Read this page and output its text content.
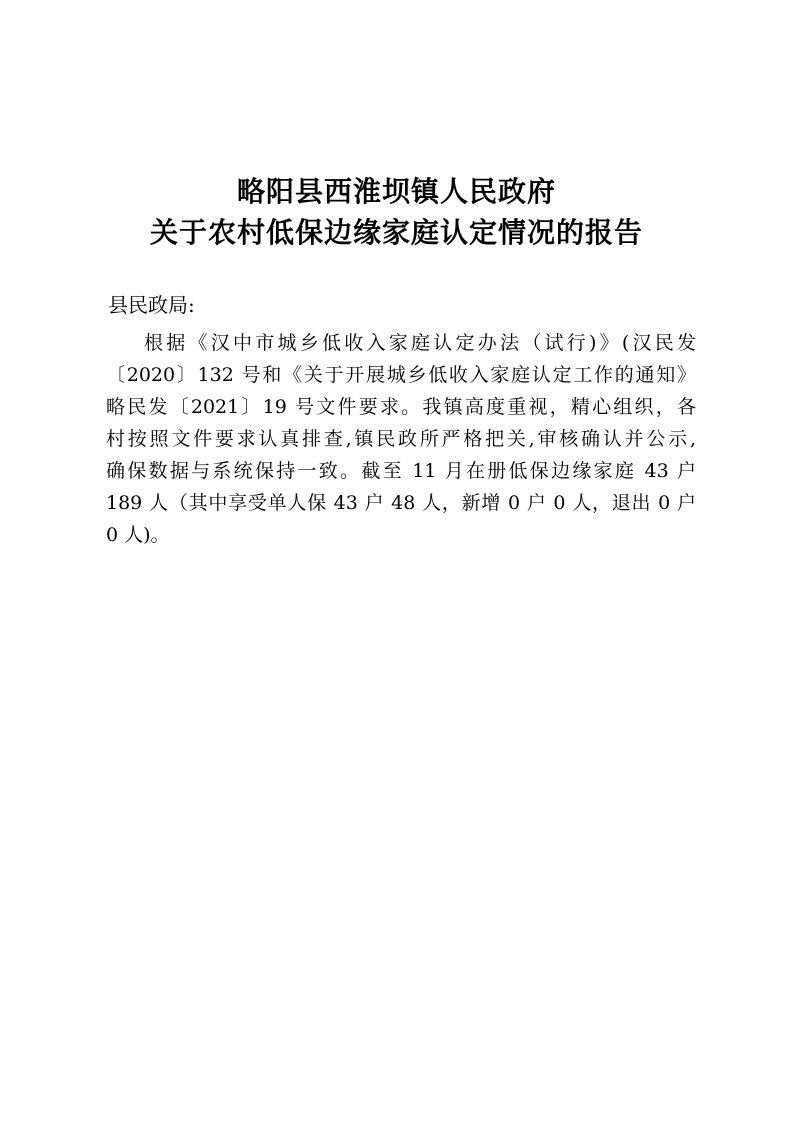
略阳县西淮坝镇人民政府
关于农村低保边缘家庭认定情况的报告
县民政局:
根据《汉中市城乡低收入家庭认定办法（试行)》(汉民发
〔2020〕132 号和《关于开展城乡低收入家庭认定工作的通知》
略民发〔2021〕19 号文件要求。我镇高度重视，精心组织，各
村按照文件要求认真排查,镇民政所严格把关,审核确认并公示,
确保数据与系统保持一致。截至 11 月在册低保边缘家庭 43 户
189 人（其中享受单人保 43 户 48 人，新增 0 户 0 人，退出 0 户
0 人)。
